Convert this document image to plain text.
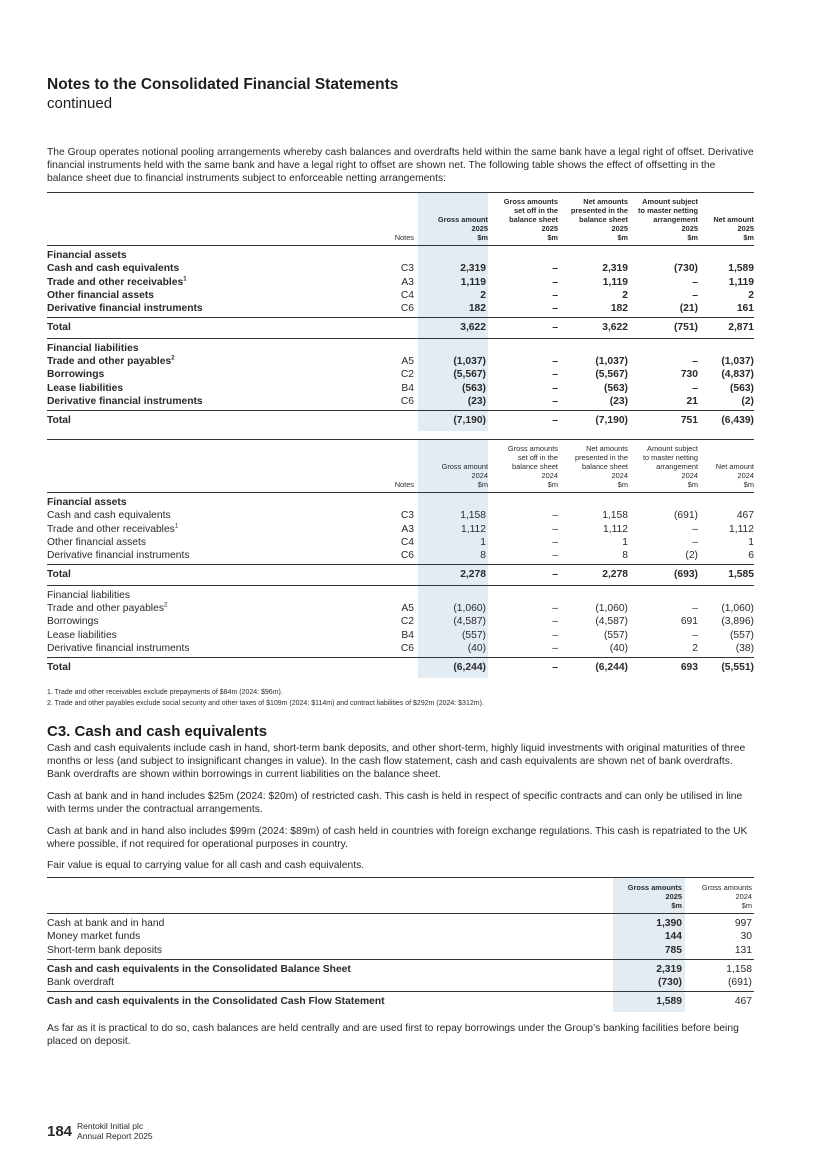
Notes to the Consolidated Financial Statements
continued

The Group operates notional pooling arrangements whereby cash balances and overdrafts held within the same bank have a legal right of offset. Derivative financial instruments held with the same bank and have a legal right to offset are shown net. The following table shows the effect of offsetting in the balance sheet due to financial instruments subject to enforceable netting arrangements:

	Notes	Gross amount
2025
$m	Gross amounts
set off in the
balance sheet
2025
$m	Net amounts
presented in the
balance sheet
2025
$m	Amount subject
to master netting
arrangement
2025
$m	Net amount
2025
$m
Financial assets						
Cash and cash equivalents	C3	2,319	–	2,319	(730)	1,589
Trade and other receivables$^1$	A3	1,119	–	1,119	–	1,119
Other financial assets	C4	2	–	2	–	2
Derivative financial instruments	C6	182	–	182	(21)	161
Total		3,622	–	3,622	(751)	2,871
Financial liabilities						
Trade and other payables$^2$	A5	(1,037)	–	(1,037)	–	(1,037)
Borrowings	C2	(5,567)	–	(5,567)	730	(4,837)
Lease liabilities	B4	(563)	–	(563)	–	(563)
Derivative financial instruments	C6	(23)	–	(23)	21	(2)
Total		(7,190)	–	(7,190)	751	(6,439)
	Notes	Gross amount
2024
$m	Gross amounts
set off in the
balance sheet
2024
$m	Net amounts
presented in the
balance sheet
2024
$m	Amount subject
to master netting
arrangement
2024
$m	Net amount
2024
$m
Financial assets						
Cash and cash equivalents	C3	1,158	–	1,158	(691)	467
Trade and other receivables$^1$	A3	1,112	–	1,112	–	1,112
Other financial assets	C4	1	–	1	–	1
Derivative financial instruments	C6	8	–	8	(2)	6
Total		2,278	–	2,278	(693)	1,585
Financial liabilities						
Trade and other payables$^2$	A5	(1,060)	–	(1,060)	–	(1,060)
Borrowings	C2	(4,587)	–	(4,587)	691	(3,896)
Lease liabilities	B4	(557)	–	(557)	–	(557)
Derivative financial instruments	C6	(40)	–	(40)	2	(38)
Total		(6,244)	–	(6,244)	693	(5,551)
1. Trade and other receivables exclude prepayments of $84m (2024: $96m).
2. Trade and other payables exclude social security and other taxes of $109m (2024: $114m) and contract liabilities of $292m (2024: $312m).
C3. Cash and cash equivalents

Cash and cash equivalents include cash in hand, short-term bank deposits, and other short-term, highly liquid investments with original maturities of three months or less (and subject to insignificant changes in value). In the cash flow statement, cash and cash equivalents are shown net of bank overdrafts. Bank overdrafts are shown within borrowings in current liabilities on the balance sheet.

Cash at bank and in hand includes $25m (2024: $20m) of restricted cash. This cash is held in respect of specific contracts and can only be utilised in line with terms under the contractual arrangements.

Cash at bank and in hand also includes $99m (2024: $89m) of cash held in countries with foreign exchange regulations. This cash is repatriated to the UK where possible, if not required for operational purposes in country.

Fair value is equal to carrying value for all cash and cash equivalents.

	Gross amounts
2025
$m	Gross amounts
2024
$m
Cash at bank and in hand	1,390	997
Money market funds	144	30
Short-term bank deposits	785	131
Cash and cash equivalents in the Consolidated Balance Sheet	2,319	1,158
Bank overdraft	(730)	(691)
Cash and cash equivalents in the Consolidated Cash Flow Statement	1,589	467

As far as it is practical to do so, cash balances are held centrally and are used first to repay borrowings under the Group’s banking facilities before being placed on deposit.

184 Rentokil Initial plc
Annual Report 2025
